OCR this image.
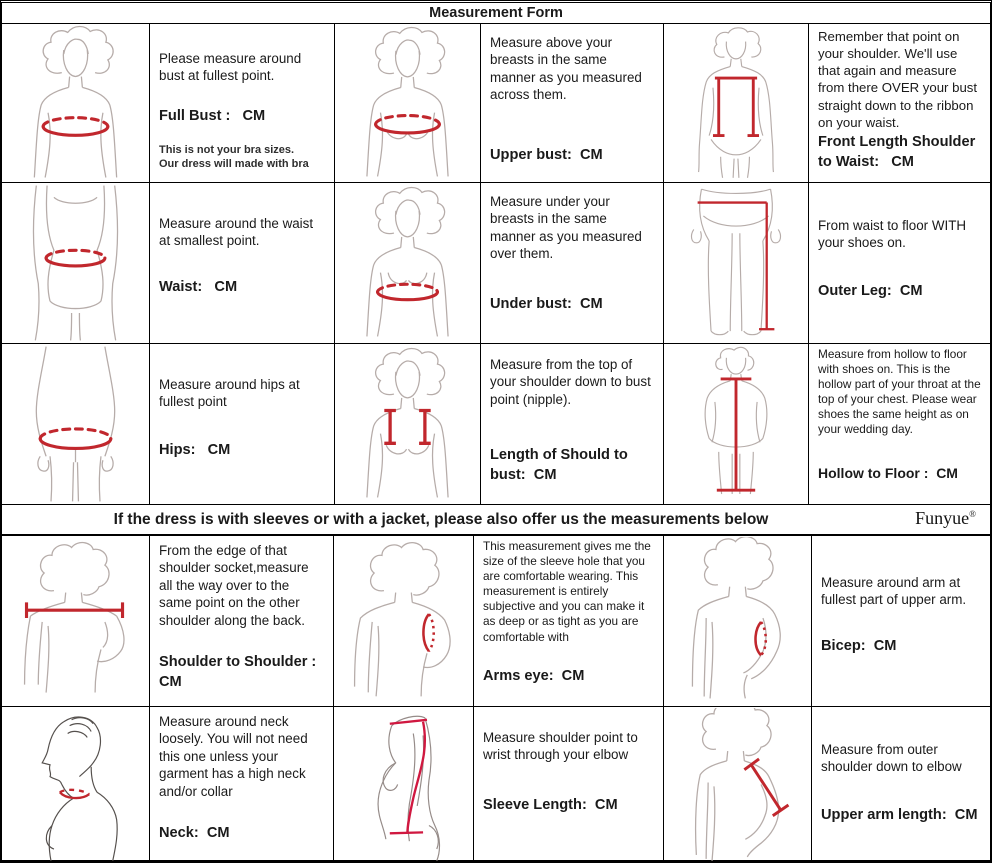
Measurement Form
Please measure around bust at fullest point.
Full Bust :   CM
This is not your bra sizes.
Our dress will made with bra
Measure above your breasts in the same manner as you measured across them.
Upper bust:  CM
Remember that point on your shoulder. We'll use that again and measure from there OVER your bust straight down to the ribbon on your waist.
Front Length Shoulder to Waist:   CM
Measure around the waist at smallest point.
Waist:   CM
Measure under your breasts in the same manner as you measured over them.
Under bust:  CM
From waist to floor WITH your shoes on.
Outer Leg:  CM
Measure around hips at fullest point
Hips:   CM
Measure from the top of your shoulder down to bust point (nipple).
Length of Should to bust:  CM
Measure from hollow to floor with shoes on. This is the hollow part of your throat at the top of your chest. Please wear shoes the same height as on your wedding day.
Hollow to Floor :  CM
If the dress is with sleeves or with a jacket, please also offer us the measurements below	Funyue®
From the edge of that shoulder socket,measure all the way over to the same point on the other shoulder along the back.
Shoulder to Shoulder : CM
This measurement gives me the size of the sleeve hole that you are comfortable wearing. This measurement is entirely subjective and you can make it as deep or as tight as you are comfortable with
Arms eye:  CM
Measure around arm at fullest part of upper arm.
Bicep:  CM
Measure around neck loosely. You will not need this one unless your garment has a high neck and/or collar
Neck:  CM
Measure shoulder point to wrist through your elbow
Sleeve Length:  CM
Measure from outer shoulder down to elbow
Upper arm length:  CM
